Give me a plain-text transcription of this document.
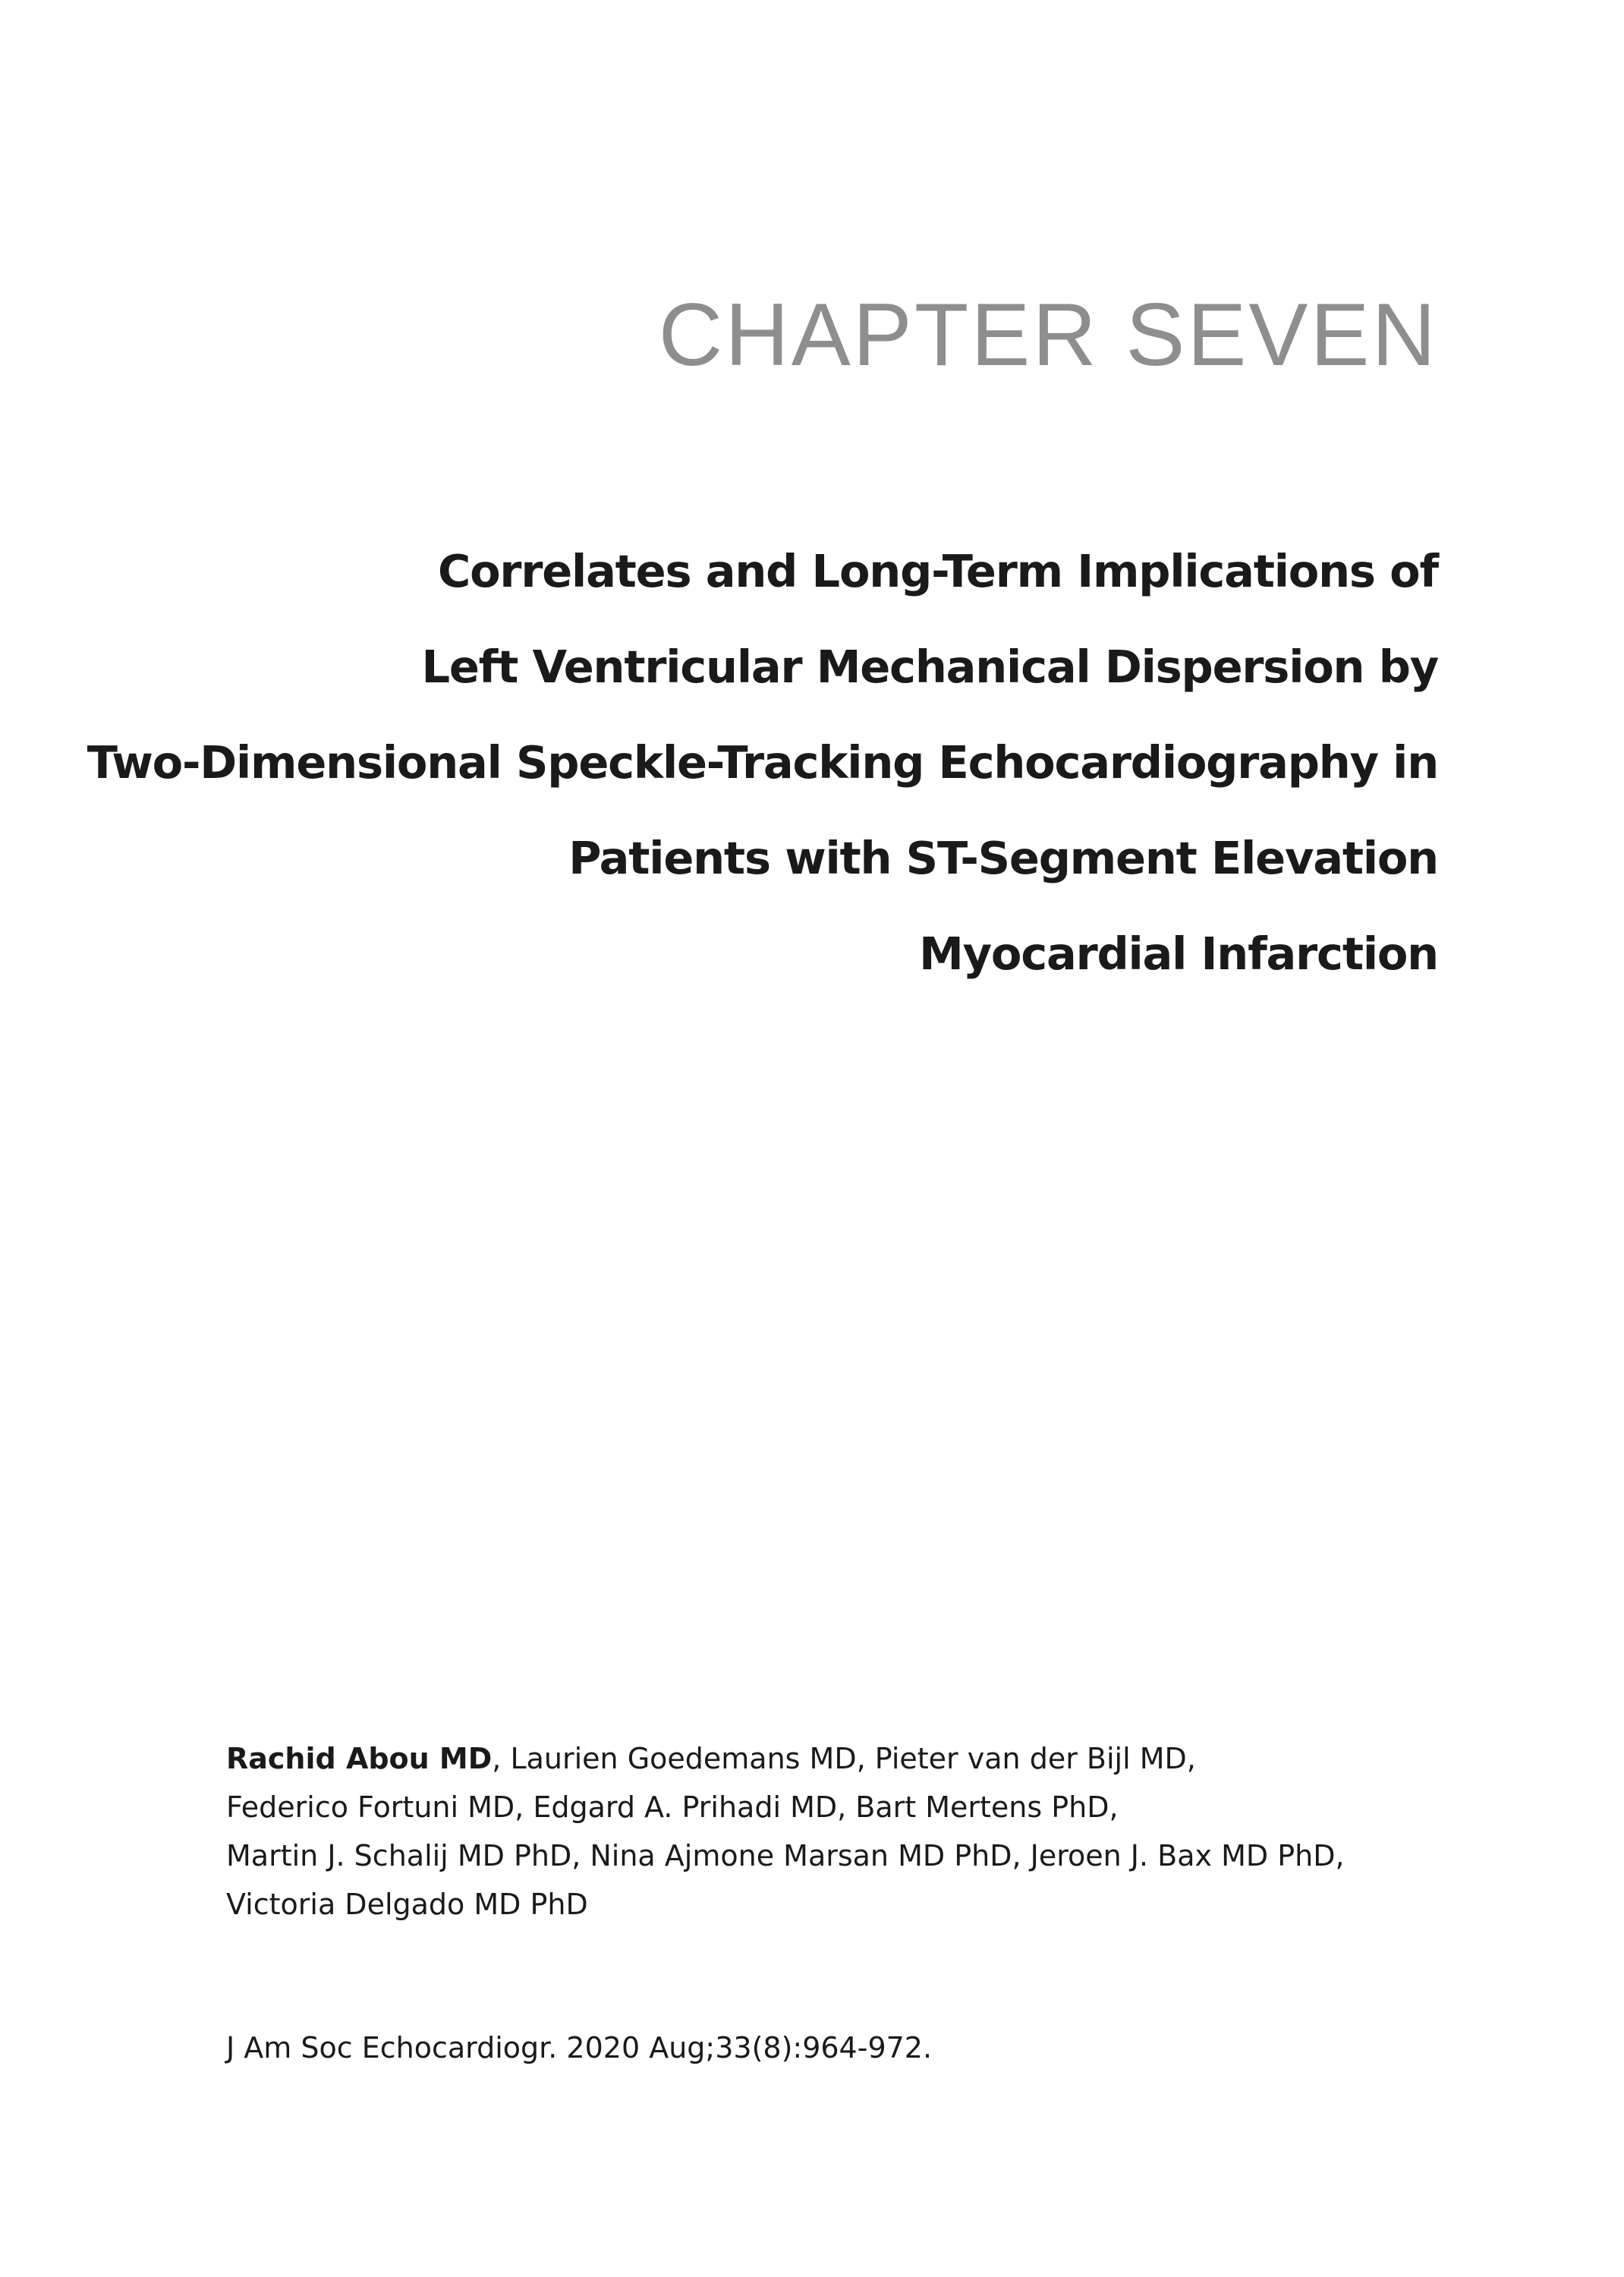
CHAPTER SEVEN
Correlates and Long-Term Implications of
Left Ventricular Mechanical Dispersion by
Two-Dimensional Speckle-Tracking Echocardiography in
Patients with ST-Segment Elevation
Myocardial Infarction
Rachid Abou MD, Laurien Goedemans MD, Pieter van der Bijl MD,
Federico Fortuni MD, Edgard A. Prihadi MD, Bart Mertens PhD,
Martin J. Schalij MD PhD, Nina Ajmone Marsan MD PhD, Jeroen J. Bax MD PhD,
Victoria Delgado MD PhD
J Am Soc Echocardiogr. 2020 Aug;33(8):964-972.
